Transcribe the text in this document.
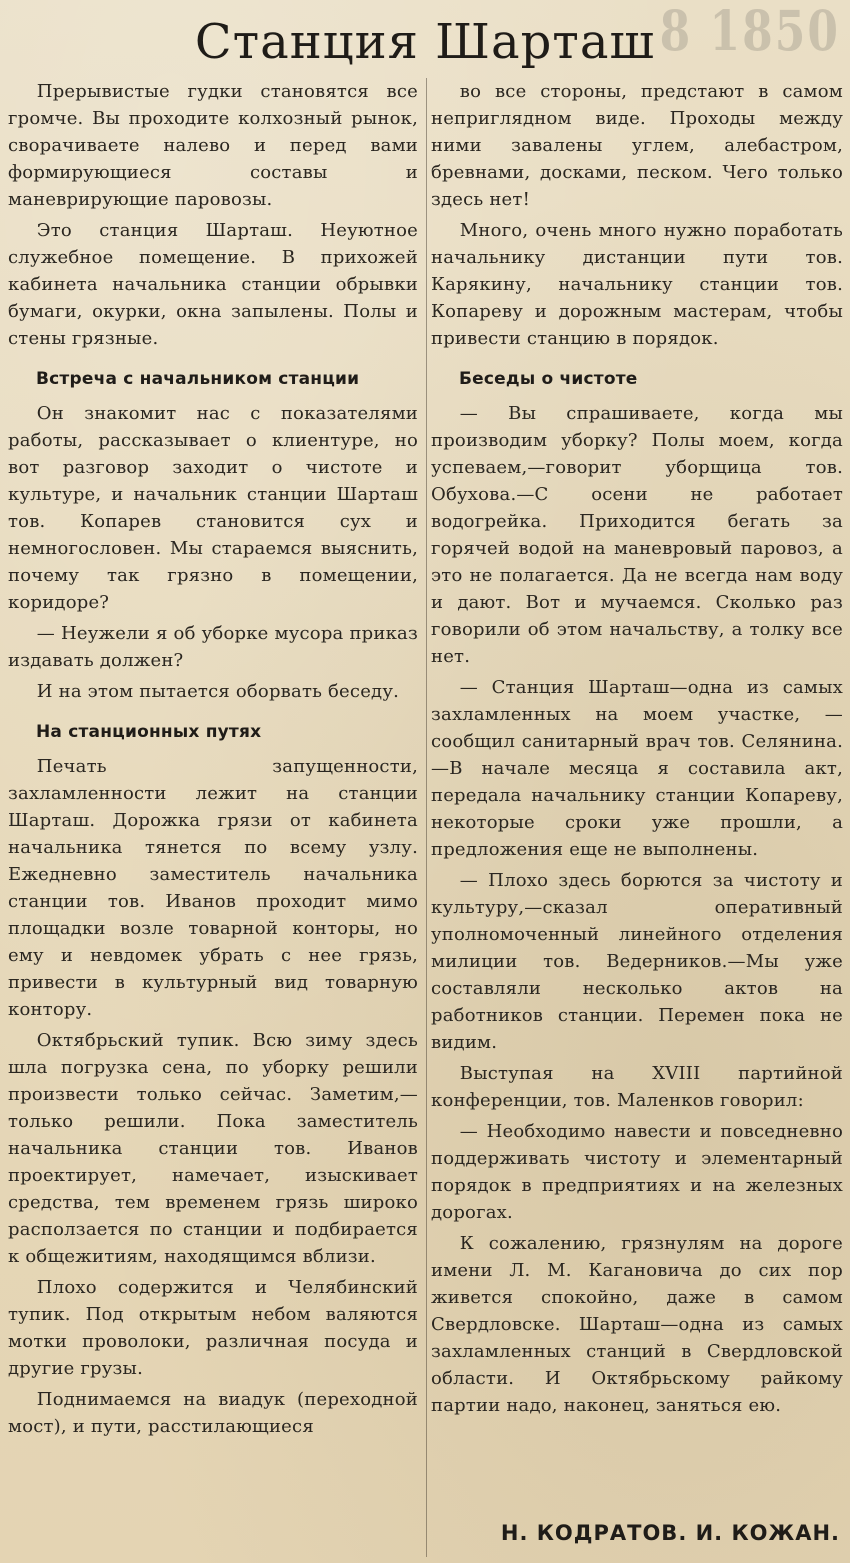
8 1850
Станция Шарташ

Прерывистые гудки становятся все громче. Вы проходите колхозный рынок, сворачиваете налево и перед вами формирующиеся составы и маневрирующие паровозы.

Это станция Шарташ. Неуютное служебное помещение. В прихожей кабинета начальника станции обрывки бумаги, окурки, окна запылены. Полы и стены грязные.

Встреча с начальником станции

Он знакомит нас с показателями работы, рассказывает о клиентуре, но вот разговор заходит о чистоте и культуре, и начальник станции Шарташ тов. Копарев становится сух и немногословен. Мы стараемся выяснить, почему так грязно в помещении, коридоре?

— Неужели я об уборке мусора приказ издавать должен?

И на этом пытается оборвать беседу.

На станционных путях

Печать запущенности, захламленности лежит на станции Шарташ. Дорожка грязи от кабинета начальника тянется по всему узлу. Ежедневно заместитель начальника станции тов. Иванов проходит мимо площадки возле товарной конторы, но ему и невдомек убрать с нее грязь, привести в культурный вид товарную контору.

Октябрьский тупик. Всю зиму здесь шла погрузка сена, по уборку решили произвести только сейчас. Заметим,—только решили. Пока заместитель начальника станции тов. Иванов проектирует, намечает, изыскивает средства, тем временем грязь широко расползается по станции и подбирается к общежитиям, находящимся вблизи.

Плохо содержится и Челябинский тупик. Под открытым небом валяются мотки проволоки, различная посуда и другие грузы.

Поднимаемся на виадук (переходной мост), и пути, расстилающиеся

во все стороны, предстают в самом неприглядном виде. Проходы между ними завалены углем, алебастром, бревнами, досками, песком. Чего только здесь нет!

Много, очень много нужно поработать начальнику дистанции пути тов. Карякину, начальнику станции тов. Копареву и дорожным мастерам, чтобы привести станцию в порядок.

Беседы о чистоте

— Вы спрашиваете, когда мы производим уборку? Полы моем, когда успеваем,—говорит уборщица тов. Обухова.—С осени не работает водогрейка. Приходится бегать за горячей водой на маневровый паровоз, а это не полагается. Да не всегда нам воду и дают. Вот и мучаемся. Сколько раз говорили об этом начальству, а толку все нет.

— Станция Шарташ—одна из самых захламленных на моем участке, —сообщил санитарный врач тов. Селянина.—В начале месяца я составила акт, передала начальнику станции Копареву, некоторые сроки уже прошли, а предложения еще не выполнены.

— Плохо здесь борются за чистоту и культуру,—сказал оперативный уполномоченный линейного отделения милиции тов. Ведерников.—Мы уже составляли несколько актов на работников станции. Перемен пока не видим.

Выступая на XVIII партийной конференции, тов. Маленков говорил:

— Необходимо навести и повседневно поддерживать чистоту и элементарный порядок в предприятиях и на железных дорогах.

К сожалению, грязнулям на дороге имени Л. М. Кагановича до сих пор живется спокойно, даже в самом Свердловске. Шарташ—одна из самых захламленных станций в Свердловской области. И Октябрьскому райкому партии надо, наконец, заняться ею.

Н. КОДРАТОВ. И. КОЖАН.
